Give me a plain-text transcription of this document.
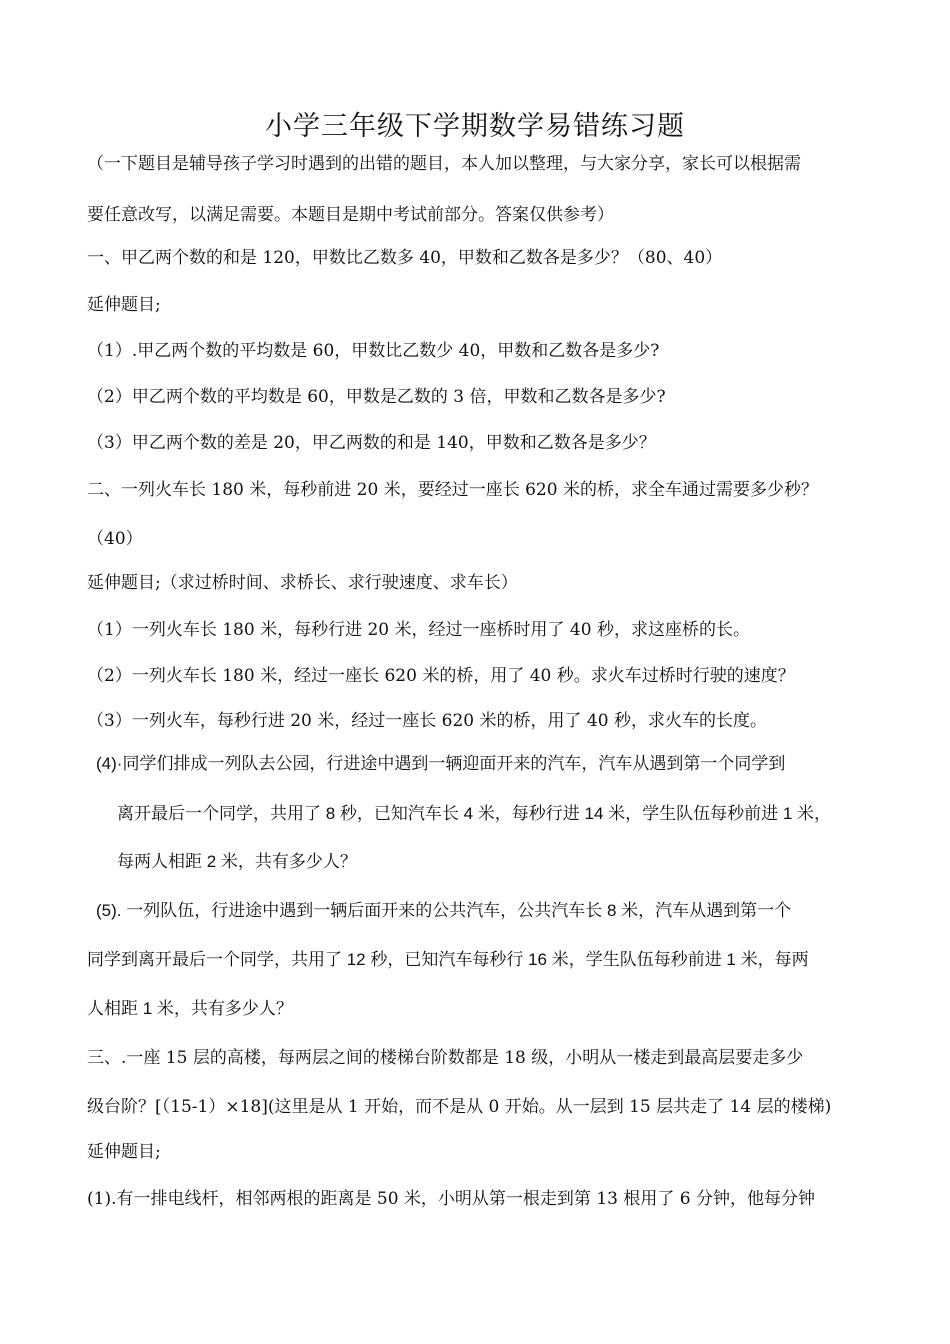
小学三年级下学期数学易错练习题

（一下题目是辅导孩子学习时遇到的出错的题目，本人加以整理，与大家分享，家长可以根据需

要任意改写，以满足需要。本题目是期中考试前部分。答案仅供参考）

一、甲乙两个数的和是 120，甲数比乙数多 40，甲数和乙数各是多少？（80、40）

延伸题目;

（1）.甲乙两个数的平均数是 60，甲数比乙数少 40，甲数和乙数各是多少?

（2）甲乙两个数的平均数是 60，甲数是乙数的 3 倍，甲数和乙数各是多少?

（3）甲乙两个数的差是 20，甲乙两数的和是 140，甲数和乙数各是多少？

二、一列火车长 180 米，每秒前进 20 米，要经过一座长 620 米的桥，求全车通过需要多少秒？

（40）

延伸题目;（求过桥时间、求桥长、求行驶速度、求车长）

（1）一列火车长 180 米，每秒行进 20 米，经过一座桥时用了 40 秒，求这座桥的长。

（2）一列火车长 180 米，经过一座长 620 米的桥，用了 40 秒。求火车过桥时行驶的速度？

（3）一列火车，每秒行进 20 米，经过一座长 620 米的桥，用了 40 秒，求火车的长度。

(4)·同学们排成一列队去公园，行进途中遇到一辆迎面开来的汽车，汽车从遇到第一个同学到

离开最后一个同学，共用了 8 秒，已知汽车长 4 米，每秒行进 14 米，学生队伍每秒前进 1 米，

每两人相距 2 米，共有多少人？

(5). 一列队伍，行进途中遇到一辆后面开来的公共汽车，公共汽车长 8 米，汽车从遇到第一个

同学到离开最后一个同学，共用了 12 秒，已知汽车每秒行 16 米，学生队伍每秒前进 1 米，每两

人相距 1 米，共有多少人？

三、.一座 15 层的高楼，每两层之间的楼梯台阶数都是 18 级，小明从一楼走到最高层要走多少

级台阶？[（15-1）×18](这里是从 1 开始，而不是从 0 开始。从一层到 15 层共走了 14 层的楼梯)

延伸题目;

(1).有一排电线杆，相邻两根的距离是 50 米，小明从第一根走到第 13 根用了 6 分钟，他每分钟
